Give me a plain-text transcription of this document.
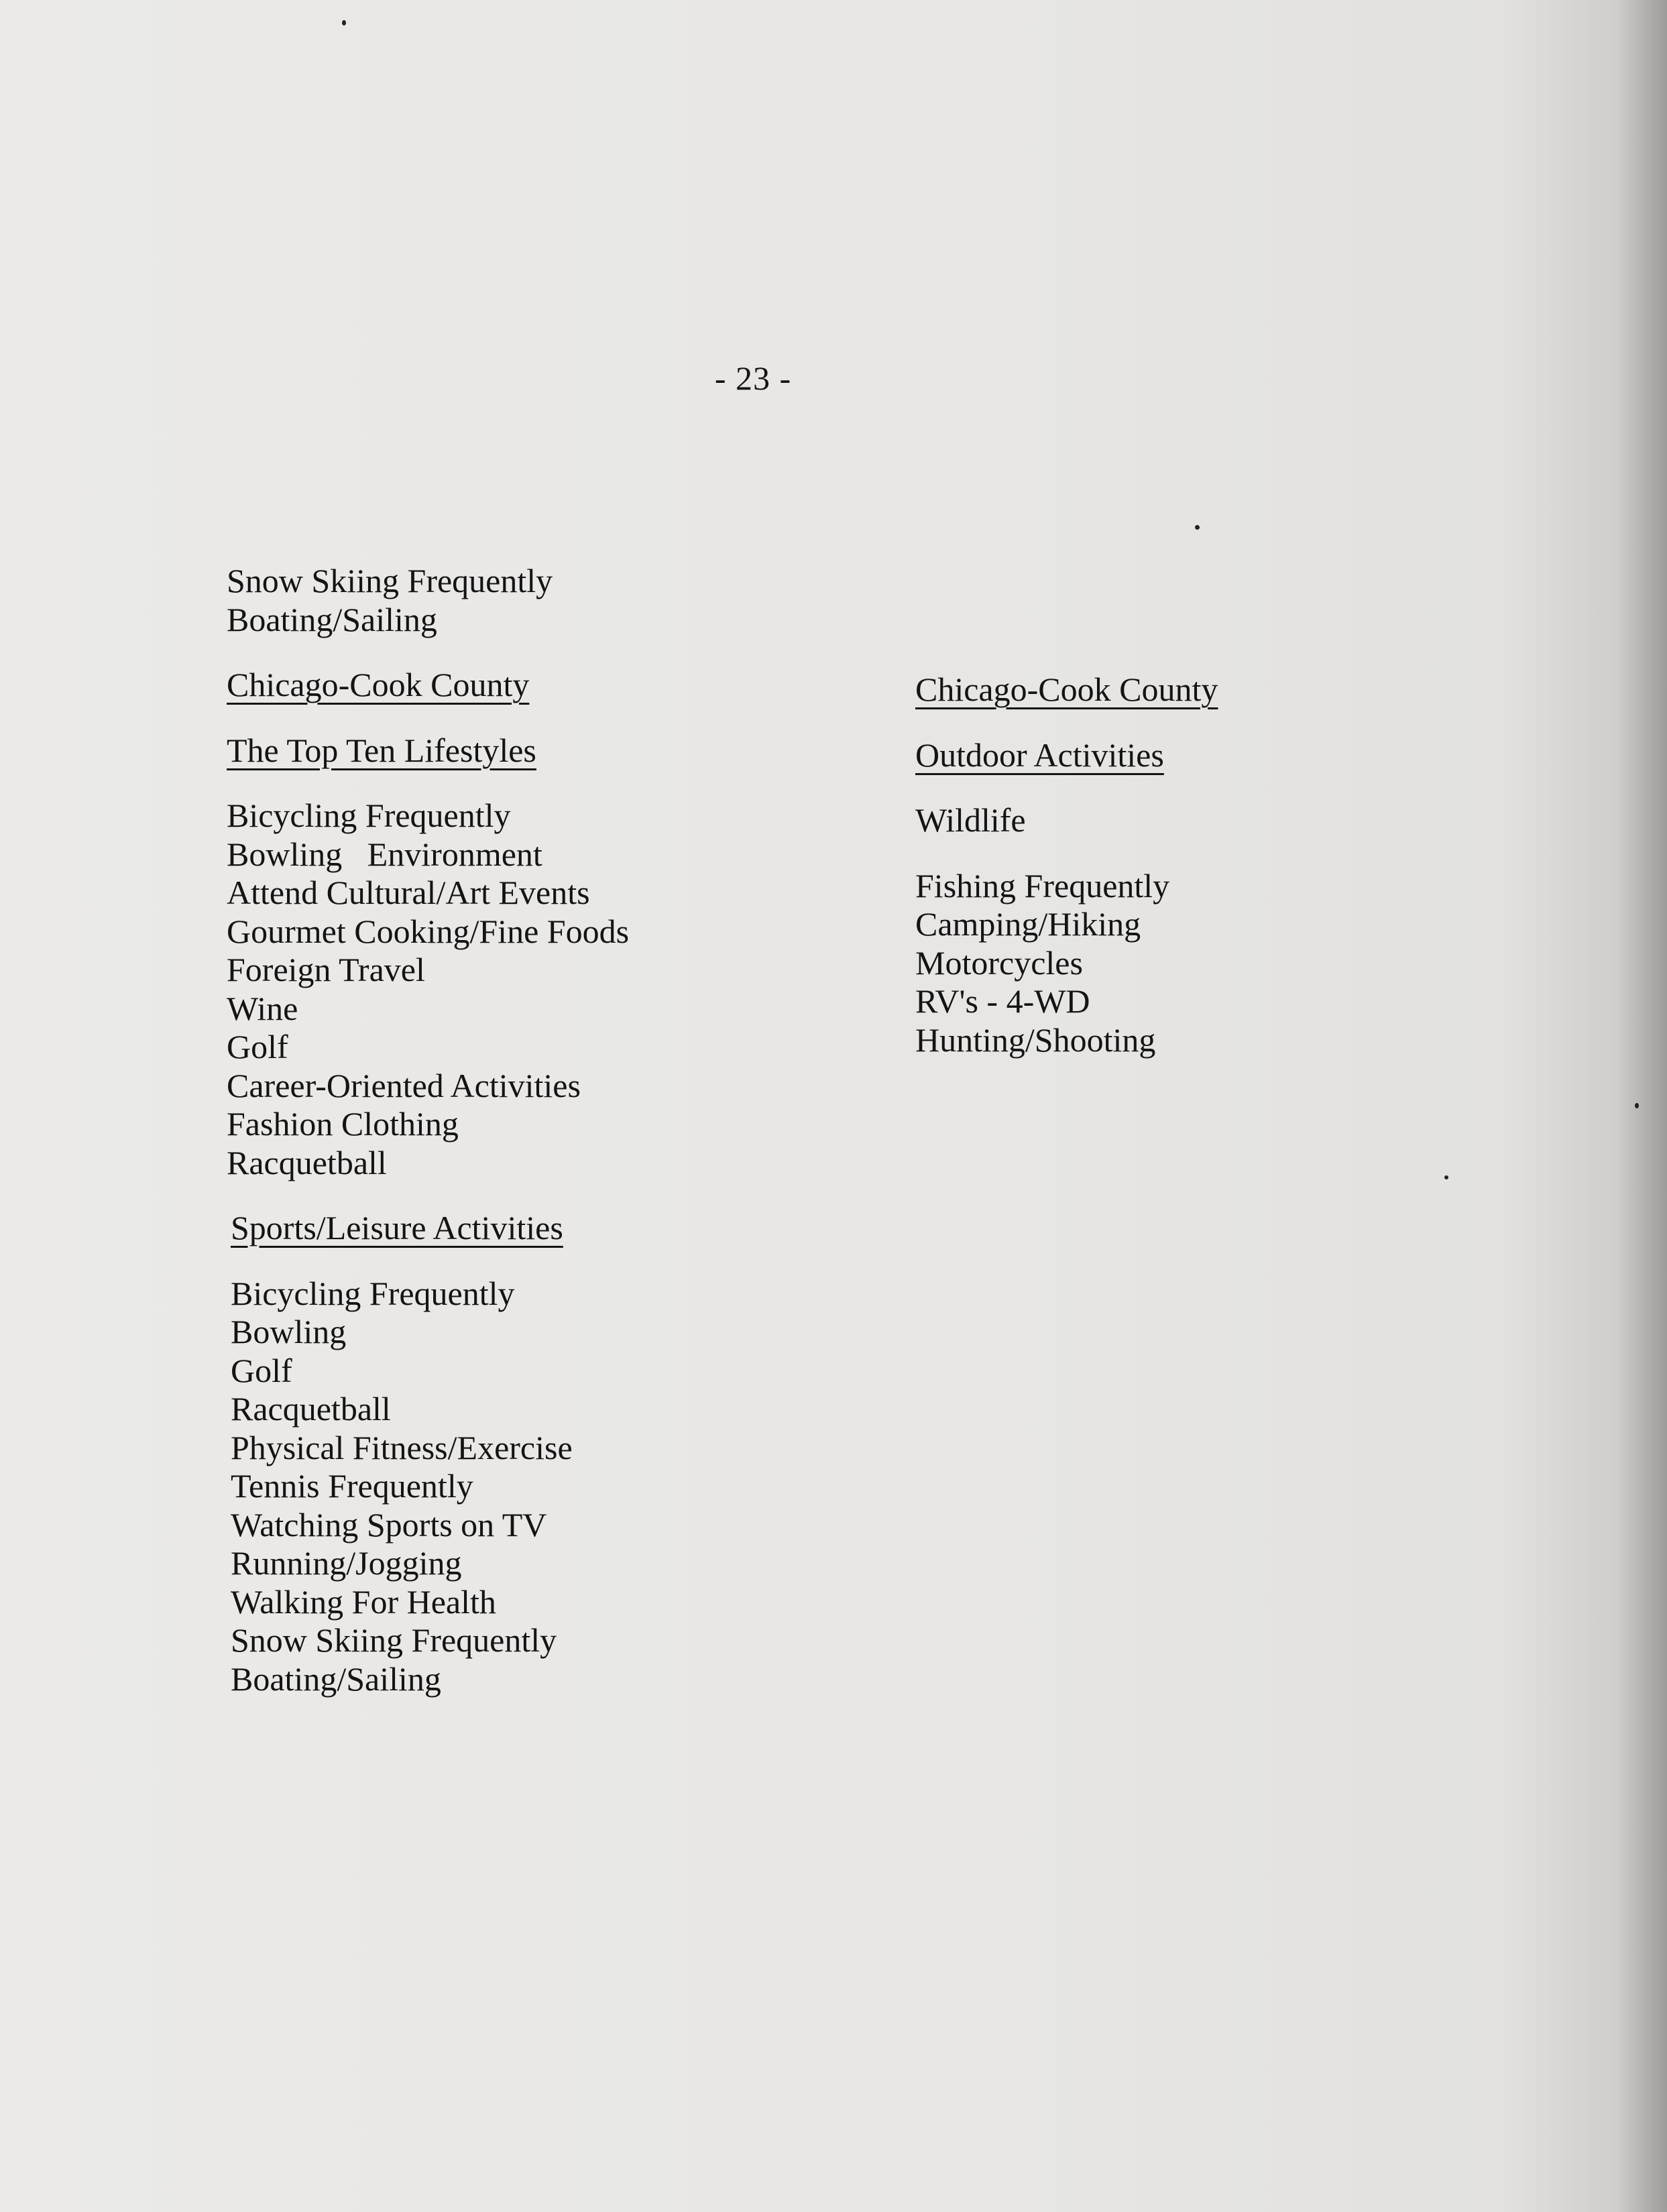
- 23 -
Snow Skiing Frequently
Boating/Sailing
Chicago-Cook County
The Top Ten Lifestyles
Bicycling Frequently
Bowling   Environment
Attend Cultural/Art Events
Gourmet Cooking/Fine Foods
Foreign Travel
Wine
Golf
Career-Oriented Activities
Fashion Clothing
Racquetball
Sports/Leisure Activities
Bicycling Frequently
Bowling
Golf
Racquetball
Physical Fitness/Exercise
Tennis Frequently
Watching Sports on TV
Running/Jogging
Walking For Health
Snow Skiing Frequently
Boating/Sailing
Chicago-Cook County
Outdoor Activities
Wildlife
Fishing Frequently
Camping/Hiking
Motorcycles
RV's - 4-WD
Hunting/Shooting
